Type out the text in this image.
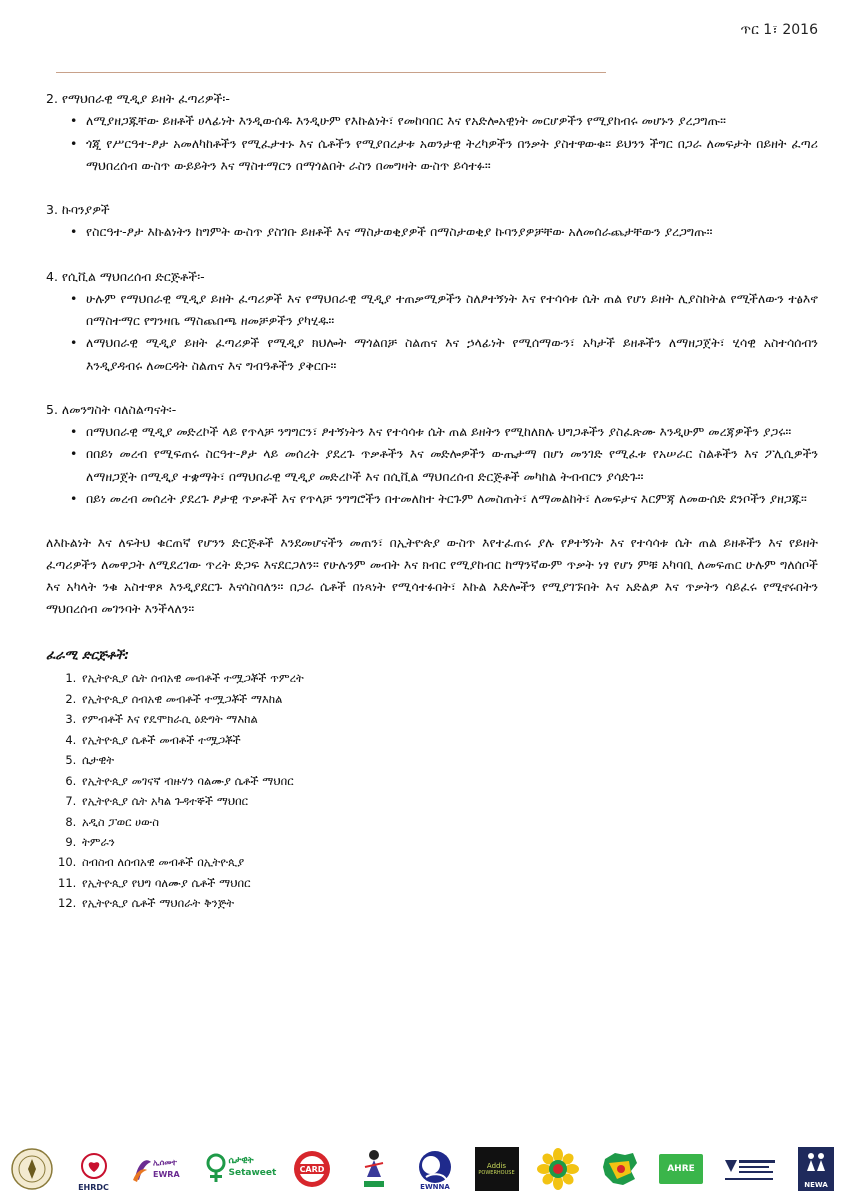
ጥር 1፣ 2016

2. የማህበራዊ ሚዲያ ይዘት ፈጣሪዎች፡-

• ለሚያዘጋጁቸው ይዘቶች ሀላፊነት እንዲውሰዱ እንዲሁም የእኩልነት፣ የመከባበር እና የአድሎአዊነት መርሆዎችን የሚያከብሩ መሆኑን ያረጋግጡ።
• ጎጂ የሥርዓተ-ፆታ አመለካከቶችን የሚፈታተኑ እና ሴቶችን የሚያበረታቱ አወንታዊ ትረካዎችን በንቃት ያስተዋውቁ። ይህንን ችግር በጋራ ለመፍታት በይዘት ፈጣሪ ማህበረሰብ ውስጥ ውይይትን እና ማስተማርን በማጎልበት ራስን በመግዛት ውስጥ ይሳተፉ።

3. ኩባንያዎች

• የስርዓተ-ፆታ እኩልነትን ከግምት ውስጥ ያስገቡ ይዘቶች እና ማስታወቂያዎች በማስታወቂያ ኩባንያዎቻቸው አለመሰራጨታቸውን ያረጋግጡ።

4. የሲቪል ማህበረሰብ ድርጅቶች፡-

• ሁሉም የማህበራዊ ሚዲያ ይዘት ፈጣሪዎች እና የማህበራዊ ሚዲያ ተጠቃሚዎችን ስለፆተኝነት እና የተሳሳቱ ሴት ጠል የሆነ ይዘት ሊያስከትል የሚችለውን ተፅእኖ በማስተማር የግንዛቤ ማስጨበጫ ዘመቻዎችን ያካሂዱ።
• ለማህበራዊ ሚዲያ ይዘት ፈጣሪዎች የሚዲያ ክህሎት ማጎልበቻ ስልጠና እና ኃላፊነት የሚሰማውን፣ አካታች ይዘቶችን ለማዘጋጀት፣ ሂሳዊ አስተሳሰብን እንዲያዳብሩ ለመርዳት ስልጠና እና ግብዓቶችን ያቅርቡ።

5. ለመንግስት ባለስልጣናት፡-

• በማህበራዊ ሚዲያ መድረኮች ላይ የጥላቻ ንግግርን፣ ፆተኝነትን እና የተሳሳቱ ሴት ጠል ይዘትን የሚከለክሉ ህግጋቶችን ያስፈጽሙ እንዲሁም መረጃዎችን ያጋሩ።
• በበይነ መረብ የሚፍጠሩ ስርዓተ-ፆታ ላይ መሰረት ያደረጉ ጥቃቶችን እና መድሎዎችን ውጤታማ በሆነ መንገድ የሚፈቱ የአሠራር ስልቶችን እና ፖሊሲዎችን ለማዘጋጀት በሚዲያ ተቋማት፣ በማህበራዊ ሚዲያ መድረኮች እና በሲቪል ማህበረሰብ ድርጅቶች መካከል ትብብርን ያሳድጉ።
• በይነ መረብ መሰረት ያደረጉ ፆታዊ ጥቃቶች እና የጥላቻ ንግግሮችን በተመለከተ ትርጉም ለመስጠት፣ ለማመልከት፣ ለመፍታና እርምጃ ለመውሰድ ደንቦችን ያዘጋጁ።

ለእኩልነት እና ለፍትህ ቁርጠኛ የሆንን ድርጅቶች እንደመሆናችን መጠን፣ በኢትዮጵያ ውስጥ እየተፈጠሩ ያሉ የፆተኝነት እና የተሳሳቱ ሴት ጠል ይዘቶችን እና የይዘት ፈጣሪዎችን ለመዋጋት ለሚደረገው ጥረት ድጋፍ እናደርጋለን። የሁሉንም መብት እና ክብር የሚያከብር ከማንኛውም ጥቃት ነፃ የሆነ ምቹ አካባቢ ለመፍጠር ሁሉም ግለሰቦች እና አካላት ንቁ አስተዋጾ እንዲያደርጉ እናሳስባለን። በጋራ ሴቶች በነጻነት የሚሳተፉበት፣ እኩል እድሎችን የሚያገኙበት እና አድልዎ እና ጥቃትን ሳይፈሩ የሚኖሩበትን ማህበረሰብ መገንባት እንችላለን።

ፈራሚ ድርጅቶች:

1. የኢትዮጲያ ሴት ሰብአዊ መብቶች ተሟጋቾች ጥምረት
2. የኢትዮጲያ ሰብአዊ መብቶች ተሟጋቾች ማእከል
3. የምብቶች እና የዴሞክራሲ ዕድግት ማእከል
4. የኢትዮጲያ ሴቶች መብቶች ተሟጋቾች
5. ሴታዊት
6. የኢትዮጲያ መገናኛ ብዙሃን ባልሙያ ሴቶች ማህበር
7. የኢትዮጲያ ሴት አካል ጉዳተኞች ማህበር
8. አዲስ ፓወር ሀውስ
9. ትምራን
10. ስብስብ ለሰብአዊ መብቶች በኢትዮጲያ
11. የኢትዮጲያ የህግ ባለሙያ ሴቶች ማህበር
12. የኢትዮጲያ ሴቶች ማህበራት ቅንጅት
EHRDC
ኢሰመተ
EWRA
ሴታዊት
Setaweet	CARD
EWNNA
Addis
POWERHOUSE	AHRE
NEWA
